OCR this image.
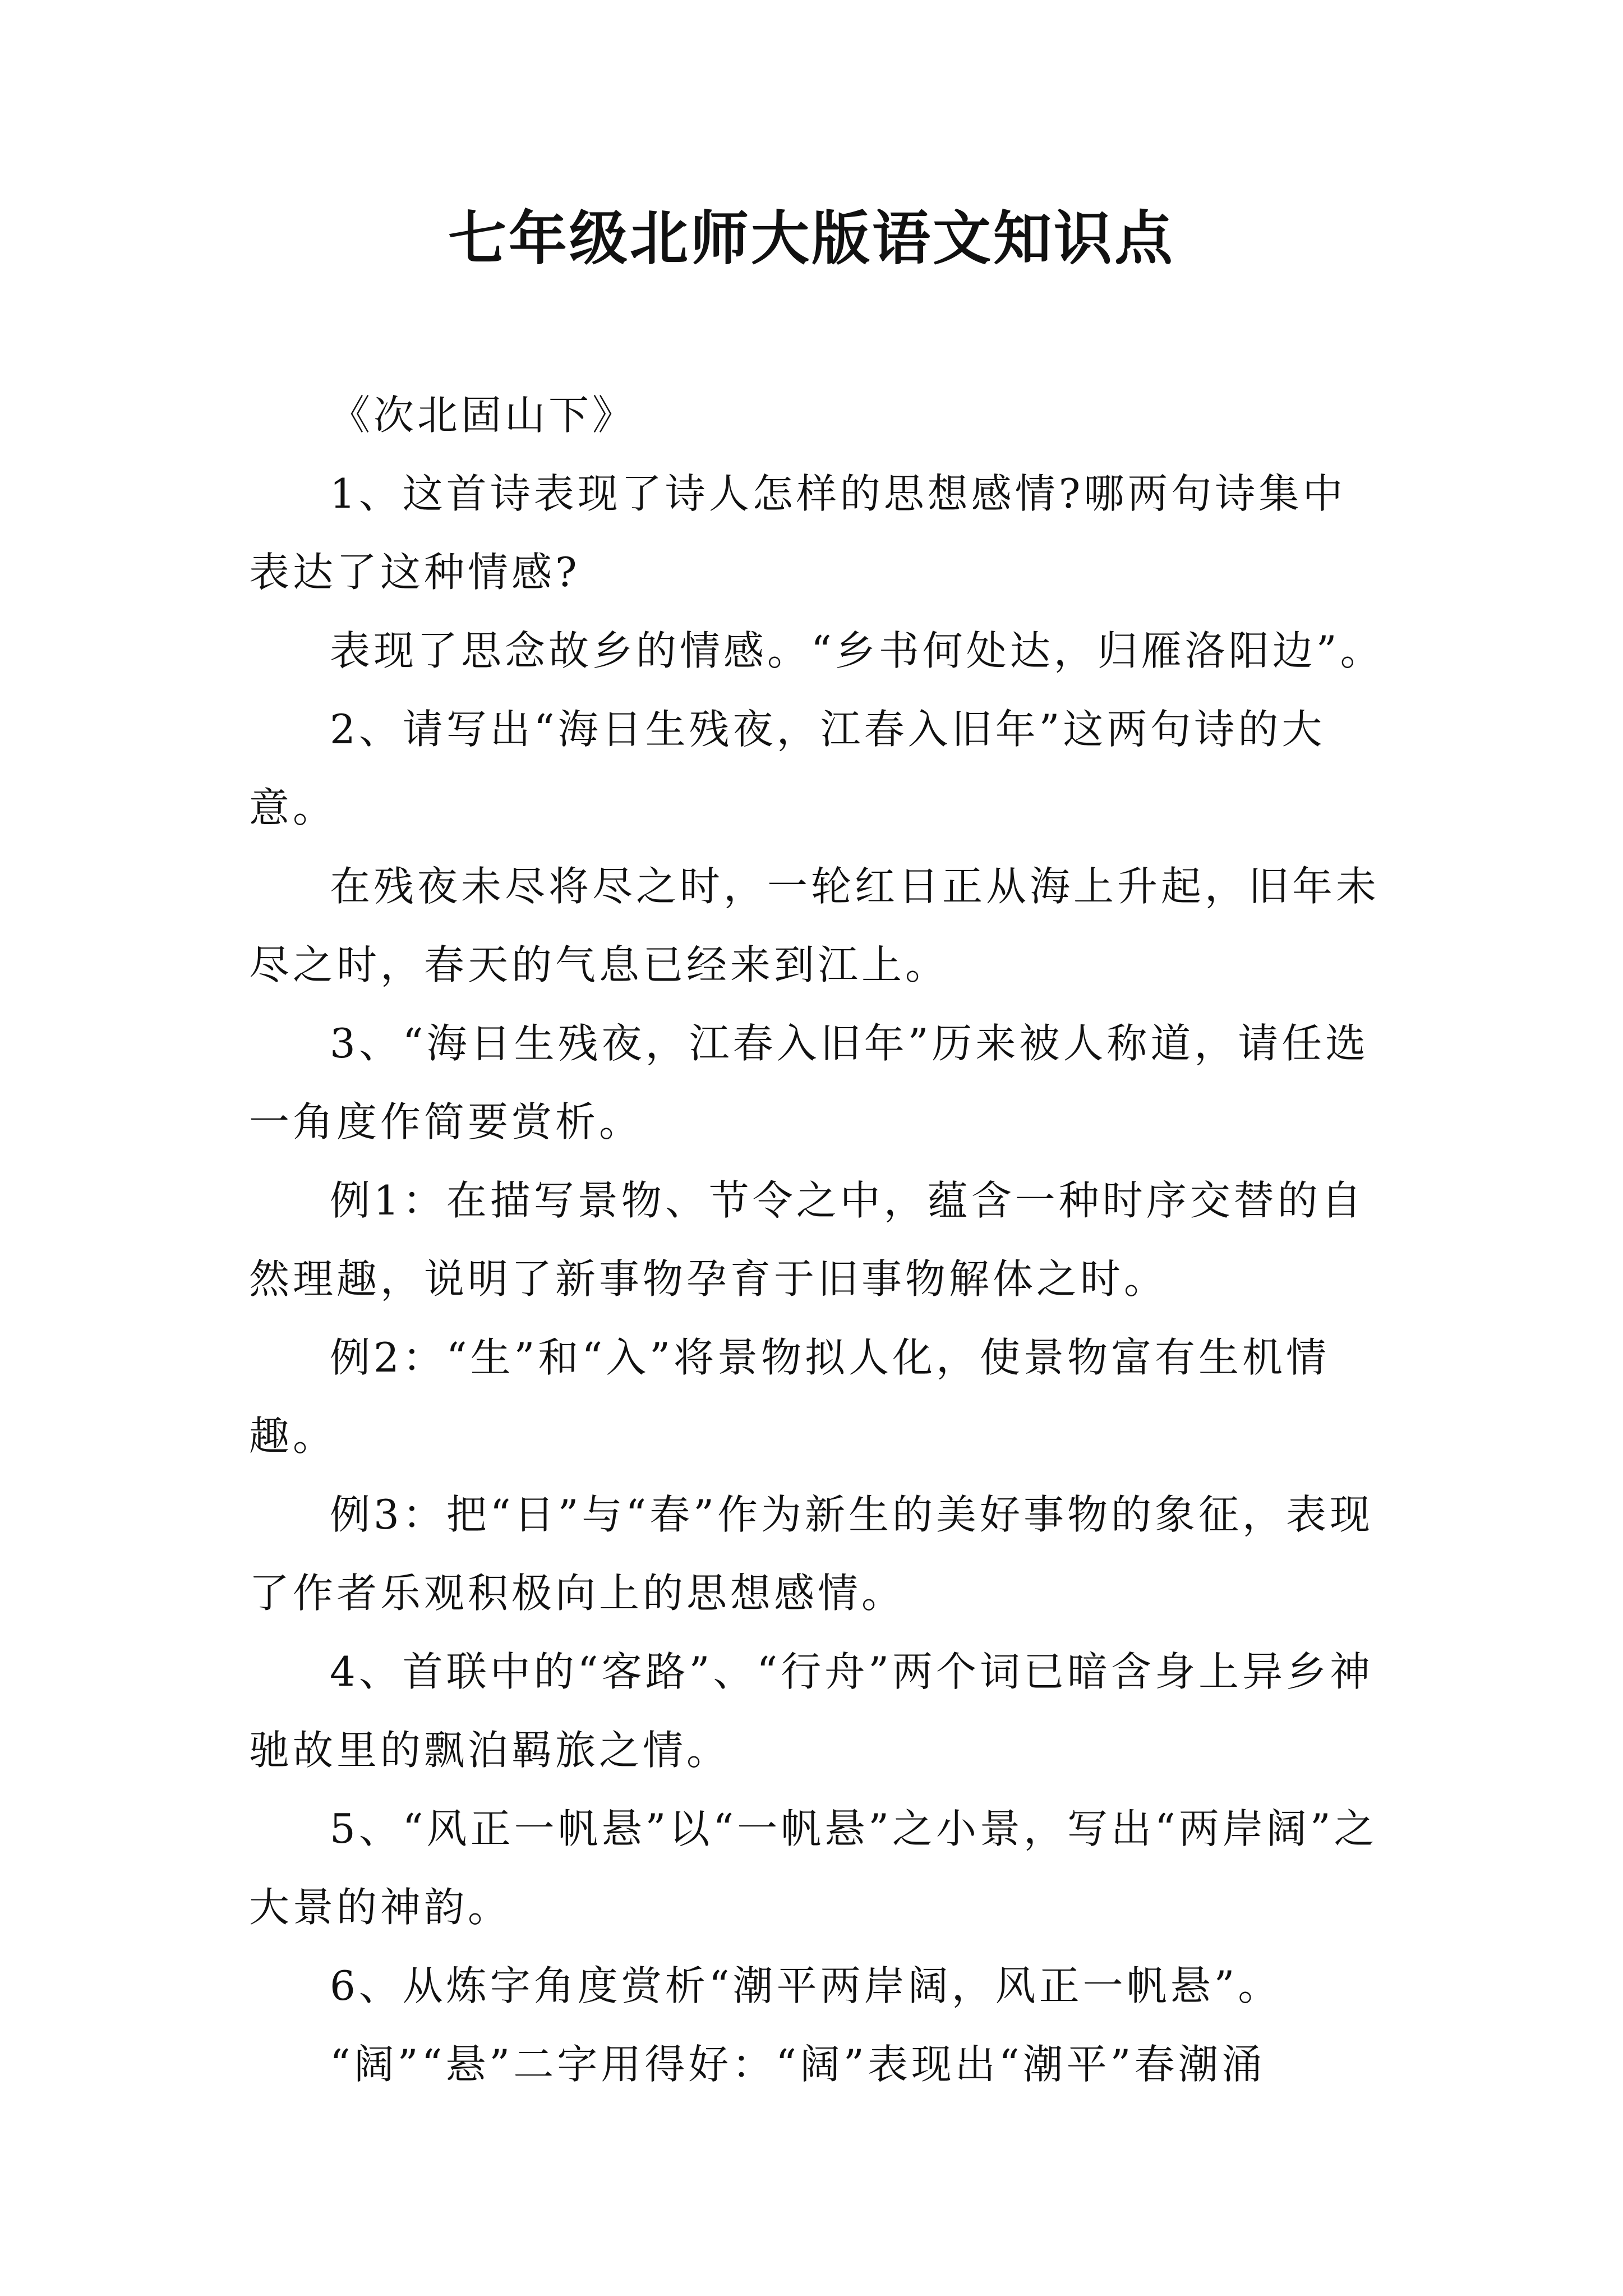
七年级北师大版语文知识点

《次北固山下》

1、这首诗表现了诗人怎样的思想感情?哪两句诗集中表达了这种情感?

表现了思念故乡的情感。“乡书何处达，归雁洛阳边”。

2、请写出“海日生残夜，江春入旧年”这两句诗的大意。

在残夜未尽将尽之时，一轮红日正从海上升起，旧年未尽之时，春天的气息已经来到江上。

3、“海日生残夜，江春入旧年”历来被人称道，请任选一角度作简要赏析。

例1：在描写景物、节令之中，蕴含一种时序交替的自然理趣，说明了新事物孕育于旧事物解体之时。

例2：“生”和“入”将景物拟人化，使景物富有生机情趣。

例3：把“日”与“春”作为新生的美好事物的象征，表现了作者乐观积极向上的思想感情。

4、首联中的“客路”、“行舟”两个词已暗含身上异乡神驰故里的飘泊羁旅之情。

5、“风正一帆悬”以“一帆悬”之小景，写出“两岸阔”之大景的神韵。

6、从炼字角度赏析“潮平两岸阔，风正一帆悬”。

“阔”“悬”二字用得好：“阔”表现出“潮平”春潮涌
